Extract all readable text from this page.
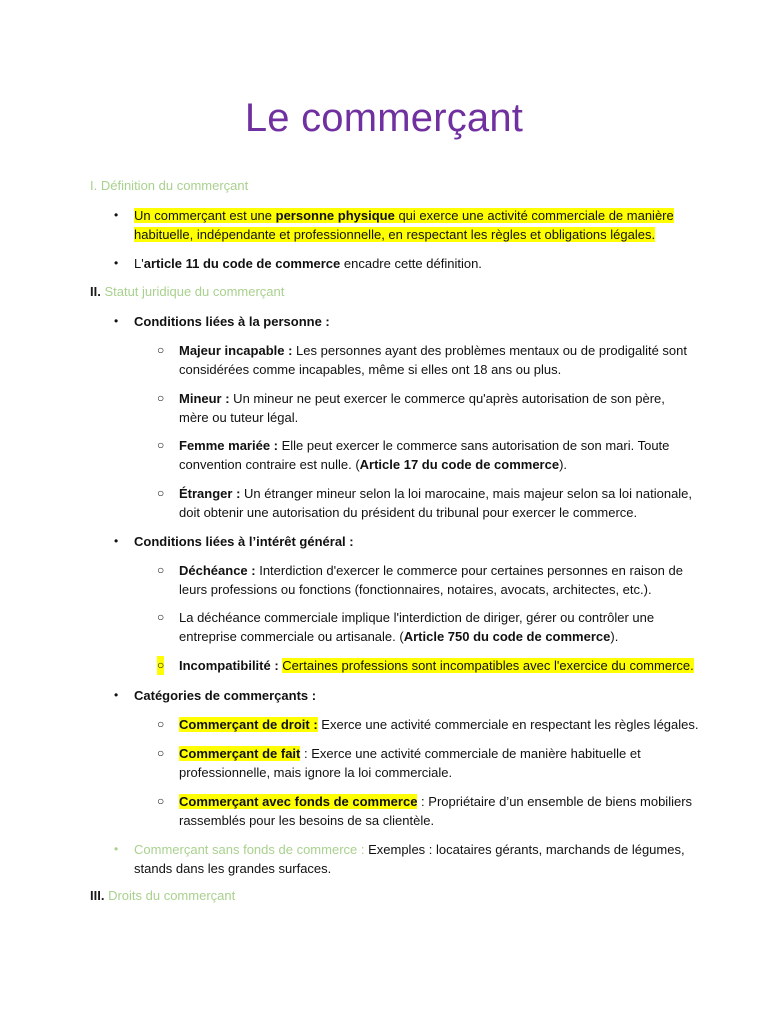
Le commerçant
I. Définition du commerçant
• Un commerçant est une personne physique qui exerce une activité commerciale de manière
habituelle, indépendante et professionnelle, en respectant les règles et obligations légales.
• L'article 11 du code de commerce encadre cette définition.
II. Statut juridique du commerçant
• Conditions liées à la personne :
○ Majeur incapable : Les personnes ayant des problèmes mentaux ou de prodigalité sont
considérées comme incapables, même si elles ont 18 ans ou plus.
○ Mineur : Un mineur ne peut exercer le commerce qu'après autorisation de son père,
mère ou tuteur légal.
○ Femme mariée : Elle peut exercer le commerce sans autorisation de son mari. Toute
convention contraire est nulle. (Article 17 du code de commerce).
○ Étranger : Un étranger mineur selon la loi marocaine, mais majeur selon sa loi nationale,
doit obtenir une autorisation du président du tribunal pour exercer le commerce.
• Conditions liées à l’intérêt général :
○ Déchéance : Interdiction d'exercer le commerce pour certaines personnes en raison de
leurs professions ou fonctions (fonctionnaires, notaires, avocats, architectes, etc.).
○ La déchéance commerciale implique l'interdiction de diriger, gérer ou contrôler une
entreprise commerciale ou artisanale. (Article 750 du code de commerce).
○ Incompatibilité : Certaines professions sont incompatibles avec l'exercice du commerce.
• Catégories de commerçants :
○ Commerçant de droit : Exerce une activité commerciale en respectant les règles légales.
○ Commerçant de fait : Exerce une activité commerciale de manière habituelle et
professionnelle, mais ignore la loi commerciale.
○ Commerçant avec fonds de commerce : Propriétaire d’un ensemble de biens mobiliers
rassemblés pour les besoins de sa clientèle.
• Commerçant sans fonds de commerce : Exemples : locataires gérants, marchands de légumes,
stands dans les grandes surfaces.
III. Droits du commerçant
